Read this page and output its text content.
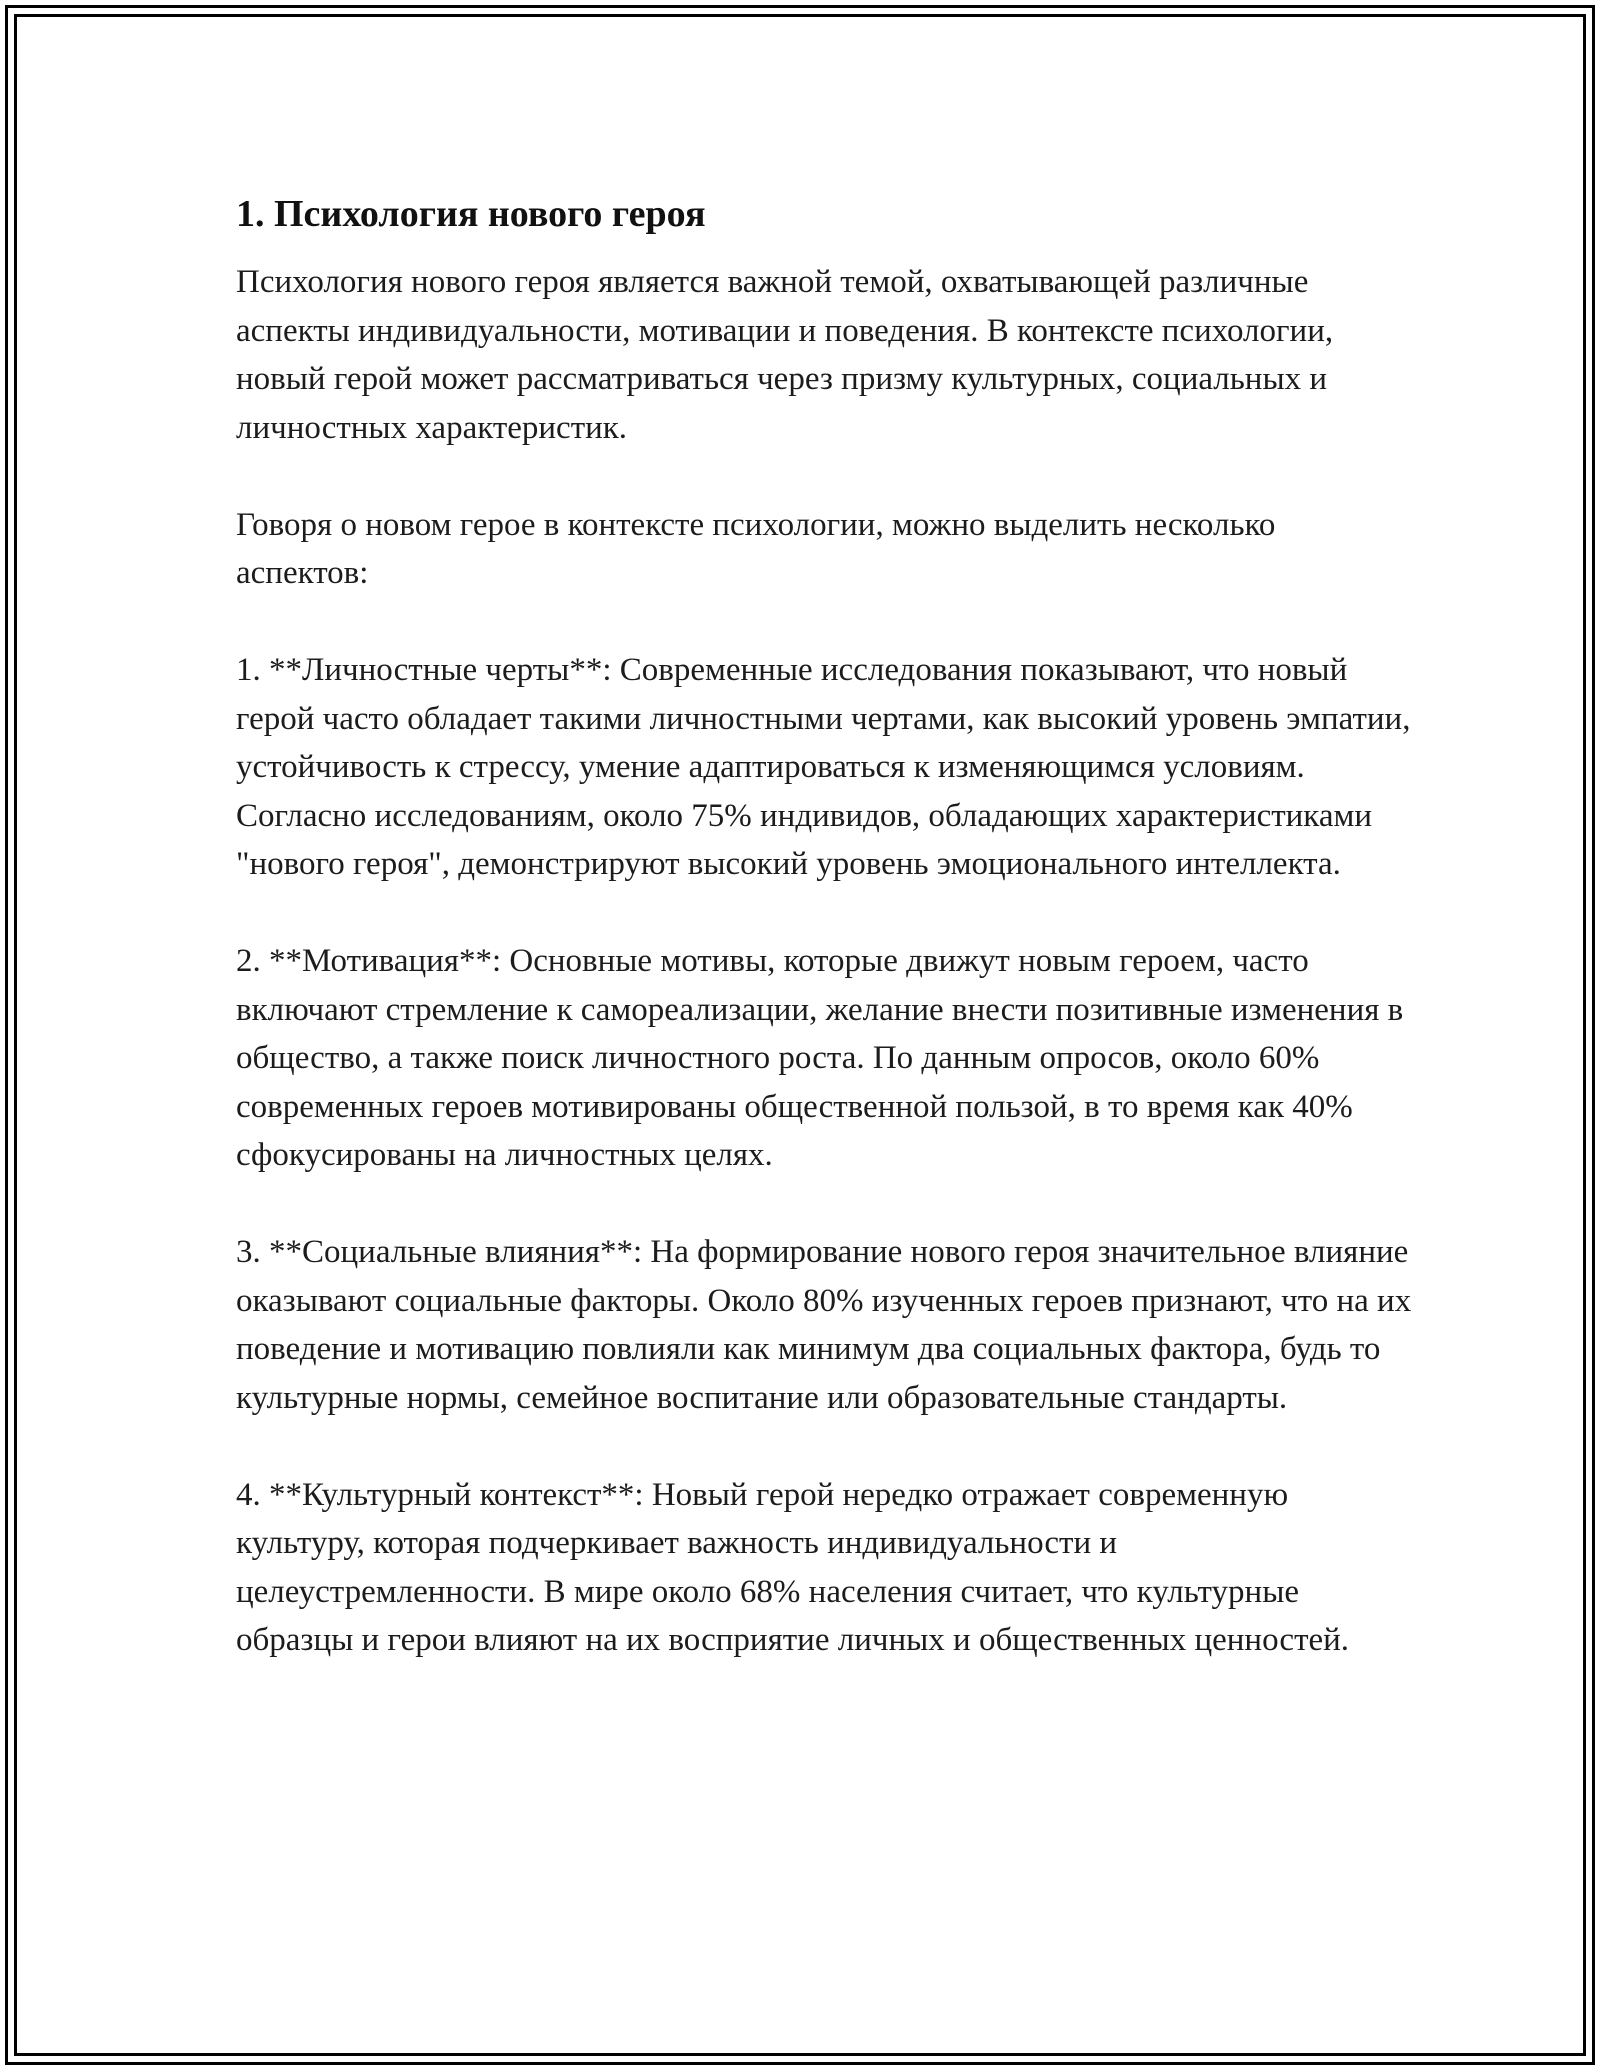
1. Психология нового героя

Психология нового героя является важной темой, охватывающей различные аспекты индивидуальности, мотивации и поведения. В контексте психологии, новый герой может рассматриваться через призму культурных, социальных и личностных характеристик.

Говоря о новом герое в контексте психологии, можно выделить несколько аспектов:

1. **Личностные черты**: Современные исследования показывают, что новый герой часто обладает такими личностными чертами, как высокий уровень эмпатии, устойчивость к стрессу, умение адаптироваться к изменяющимся условиям. Согласно исследованиям, около 75% индивидов, обладающих характеристиками "нового героя", демонстрируют высокий уровень эмоционального интеллекта.

2. **Мотивация**: Основные мотивы, которые движут новым героем, часто включают стремление к самореализации, желание внести позитивные изменения в общество, а также поиск личностного роста. По данным опросов, около 60% современных героев мотивированы общественной пользой, в то время как 40% сфокусированы на личностных целях.

3. **Социальные влияния**: На формирование нового героя значительное влияние оказывают социальные факторы. Около 80% изученных героев признают, что на их поведение и мотивацию повлияли как минимум два социальных фактора, будь то культурные нормы, семейное воспитание или образовательные стандарты.

4. **Культурный контекст**: Новый герой нередко отражает современную культуру, которая подчеркивает важность индивидуальности и целеустремленности. В мире около 68% населения считает, что культурные образцы и герои влияют на их восприятие личных и общественных ценностей.
